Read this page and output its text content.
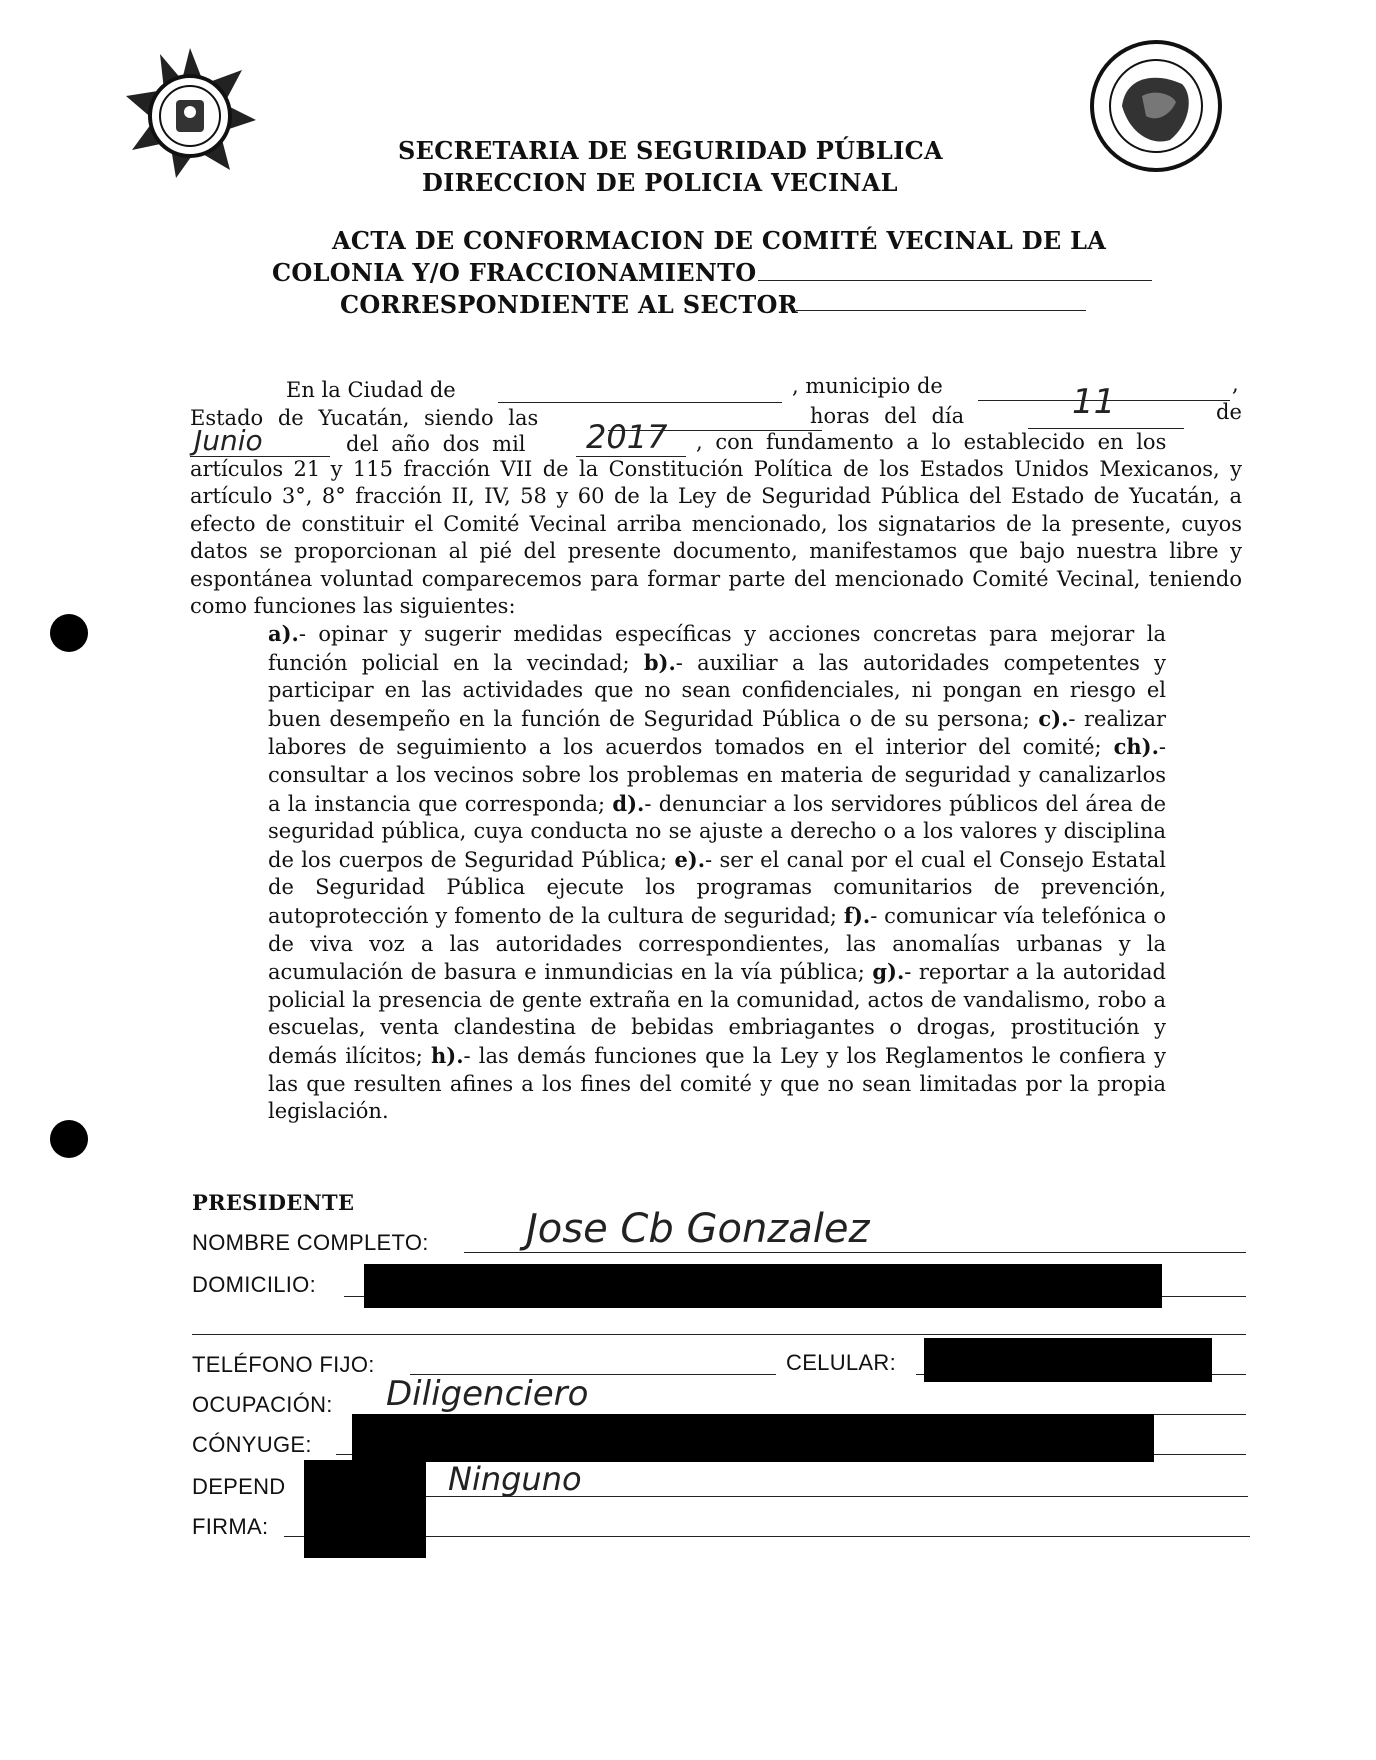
SECRETARIA DE SEGURIDAD PÚBLICA
DIRECCION DE POLICIA VECINAL
ACTA DE CONFORMACION DE COMITÉ VECINAL DE LA
COLONIA Y/O FRACCIONAMIENTO
CORRESPONDIENTE AL SECTOR
En la Ciudad de	, municipio de	,
Estado de Yucatán, siendo las	horas del día	11	de
Junio	del año dos mil 2017 , con fundamento a lo establecido en los
artículos 21 y 115 fracción VII de la Constitución Política de los Estados Unidos Mexicanos, y artículo 3°, 8° fracción II, IV, 58 y 60 de la Ley de Seguridad Pública del Estado de Yucatán, a efecto de constituir el Comité Vecinal arriba mencionado, los signatarios de la presente, cuyos datos se proporcionan al pié del presente documento, manifestamos que bajo nuestra libre y espontánea voluntad comparecemos para formar parte del mencionado Comité Vecinal, teniendo como funciones las siguientes:
a).- opinar y sugerir medidas específicas y acciones concretas para mejorar la función policial en la vecindad; b).- auxiliar a las autoridades competentes y participar en las actividades que no sean confidenciales, ni pongan en riesgo el buen desempeño en la función de Seguridad Pública o de su persona; c).- realizar labores de seguimiento a los acuerdos tomados en el interior del comité; ch).- consultar a los vecinos sobre los problemas en materia de seguridad y canalizarlos a la instancia que corresponda; d).- denunciar a los servidores públicos del área de seguridad pública, cuya conducta no se ajuste a derecho o a los valores y disciplina de los cuerpos de Seguridad Pública; e).- ser el canal por el cual el Consejo Estatal de Seguridad Pública ejecute los programas comunitarios de prevención, autoprotección y fomento de la cultura de seguridad; f).- comunicar vía telefónica o de viva voz a las autoridades correspondientes, las anomalías urbanas y la acumulación de basura e inmundicias en la vía pública; g).- reportar a la autoridad policial la presencia de gente extraña en la comunidad, actos de vandalismo, robo a escuelas, venta clandestina de bebidas embriagantes o drogas, prostitución y demás ilícitos; h).- las demás funciones que la Ley y los Reglamentos le confiera y las que resulten afines a los fines del comité y que no sean limitadas por la propia legislación.
PRESIDENTE
NOMBRE COMPLETO: Jose Cb Gonzalez
DOMICILIO:
TELÉFONO FIJO:	CELULAR:
OCUPACIÓN: Diligenciero
CÓNYUGE:
DEPEND	Ninguno
FIRMA:
